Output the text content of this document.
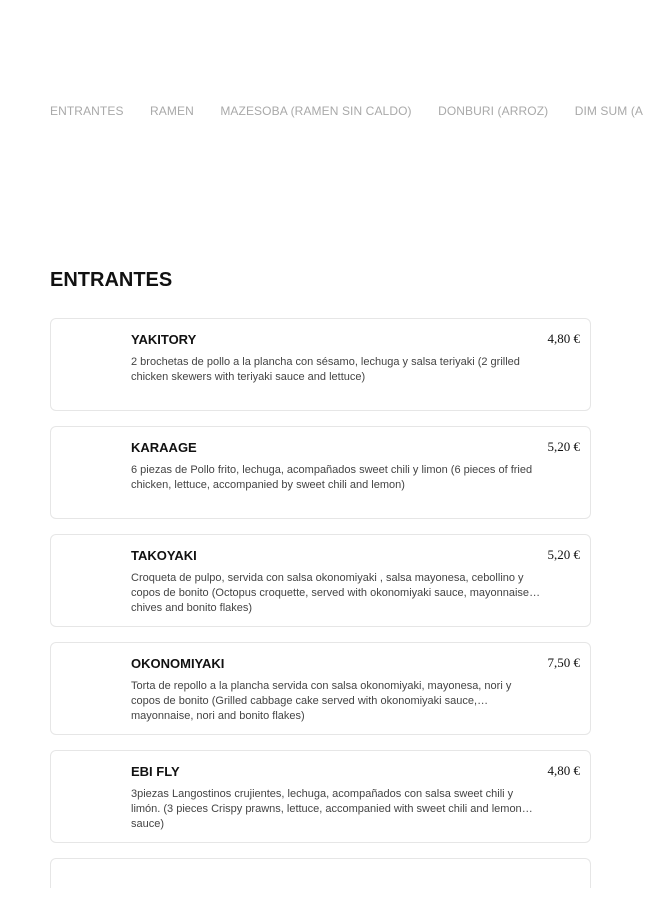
ENTRANTES RAMEN MAZESOBA (RAMEN SIN CALDO) DONBURI (ARROZ) DIM SUM (A
ENTRANTES
YAKITORY	4,80 €
2 brochetas de pollo a la plancha con sésamo, lechuga y salsa teriyaki (2 grilled chicken skewers with teriyaki sauce and lettuce)
KARAAGE	5,20 €
6 piezas de Pollo frito, lechuga, acompañados sweet chili y limon (6 pieces of fried chicken, lettuce, accompanied by sweet chili and lemon)
TAKOYAKI	5,20 €
Croqueta de pulpo, servida con salsa okonomiyaki , salsa mayonesa, cebollino y copos de bonito (Octopus croquette, served with okonomiyaki sauce, mayonnaise, chives and bonito flakes)
OKONOMIYAKI	7,50 €
Torta de repollo a la plancha servida con salsa okonomiyaki, mayonesa, nori y copos de bonito (Grilled cabbage cake served with okonomiyaki sauce, mayonnaise, nori and bonito flakes)
EBI FLY	4,80 €
3piezas Langostinos crujientes, lechuga, acompañados con salsa sweet chili y limón. (3 pieces Crispy prawns, lettuce, accompanied with sweet chili and lemon sauce)
